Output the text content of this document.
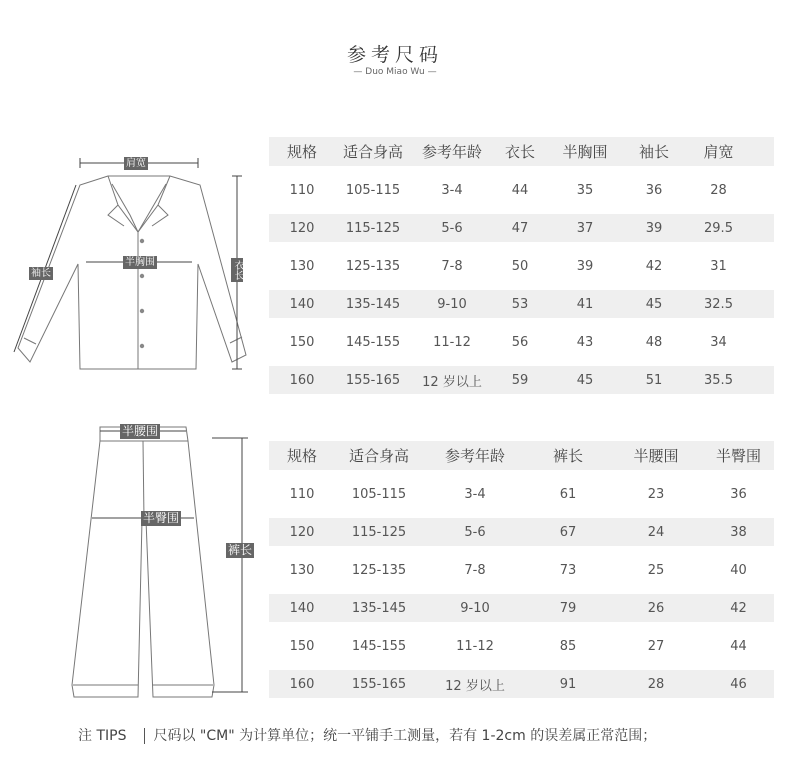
参考尺码
— Duo Miao Wu —
肩宽
半胸围
袖长	衣长
半腰围
半臀围
裤长
规格	适合身高	参考年龄	衣长	半胸围	袖长	肩宽
110	105-115	3-4	44	35	36	28
120	115-125	5-6	47	37	39	29.5
130	125-135	7-8	50	39	42	31
140	135-145	9-10	53	41	45	32.5
150	145-155	11-12	56	43	48	34
160	155-165	12 岁以上	59	45	51	35.5
规格	适合身高	参考年龄	裤长	半腰围	半臀围
110	105-115	3-4	61	23	36
120	115-125	5-6	67	24	38
130	125-135	7-8	73	25	40
140	135-145	9-10	79	26	42
150	145-155	11-12	85	27	44
160	155-165	12 岁以上	91	28	46
注 TIPS 尺码以 "CM" 为计算单位；统一平铺手工测量，若有 1-2cm 的误差属正常范围；
